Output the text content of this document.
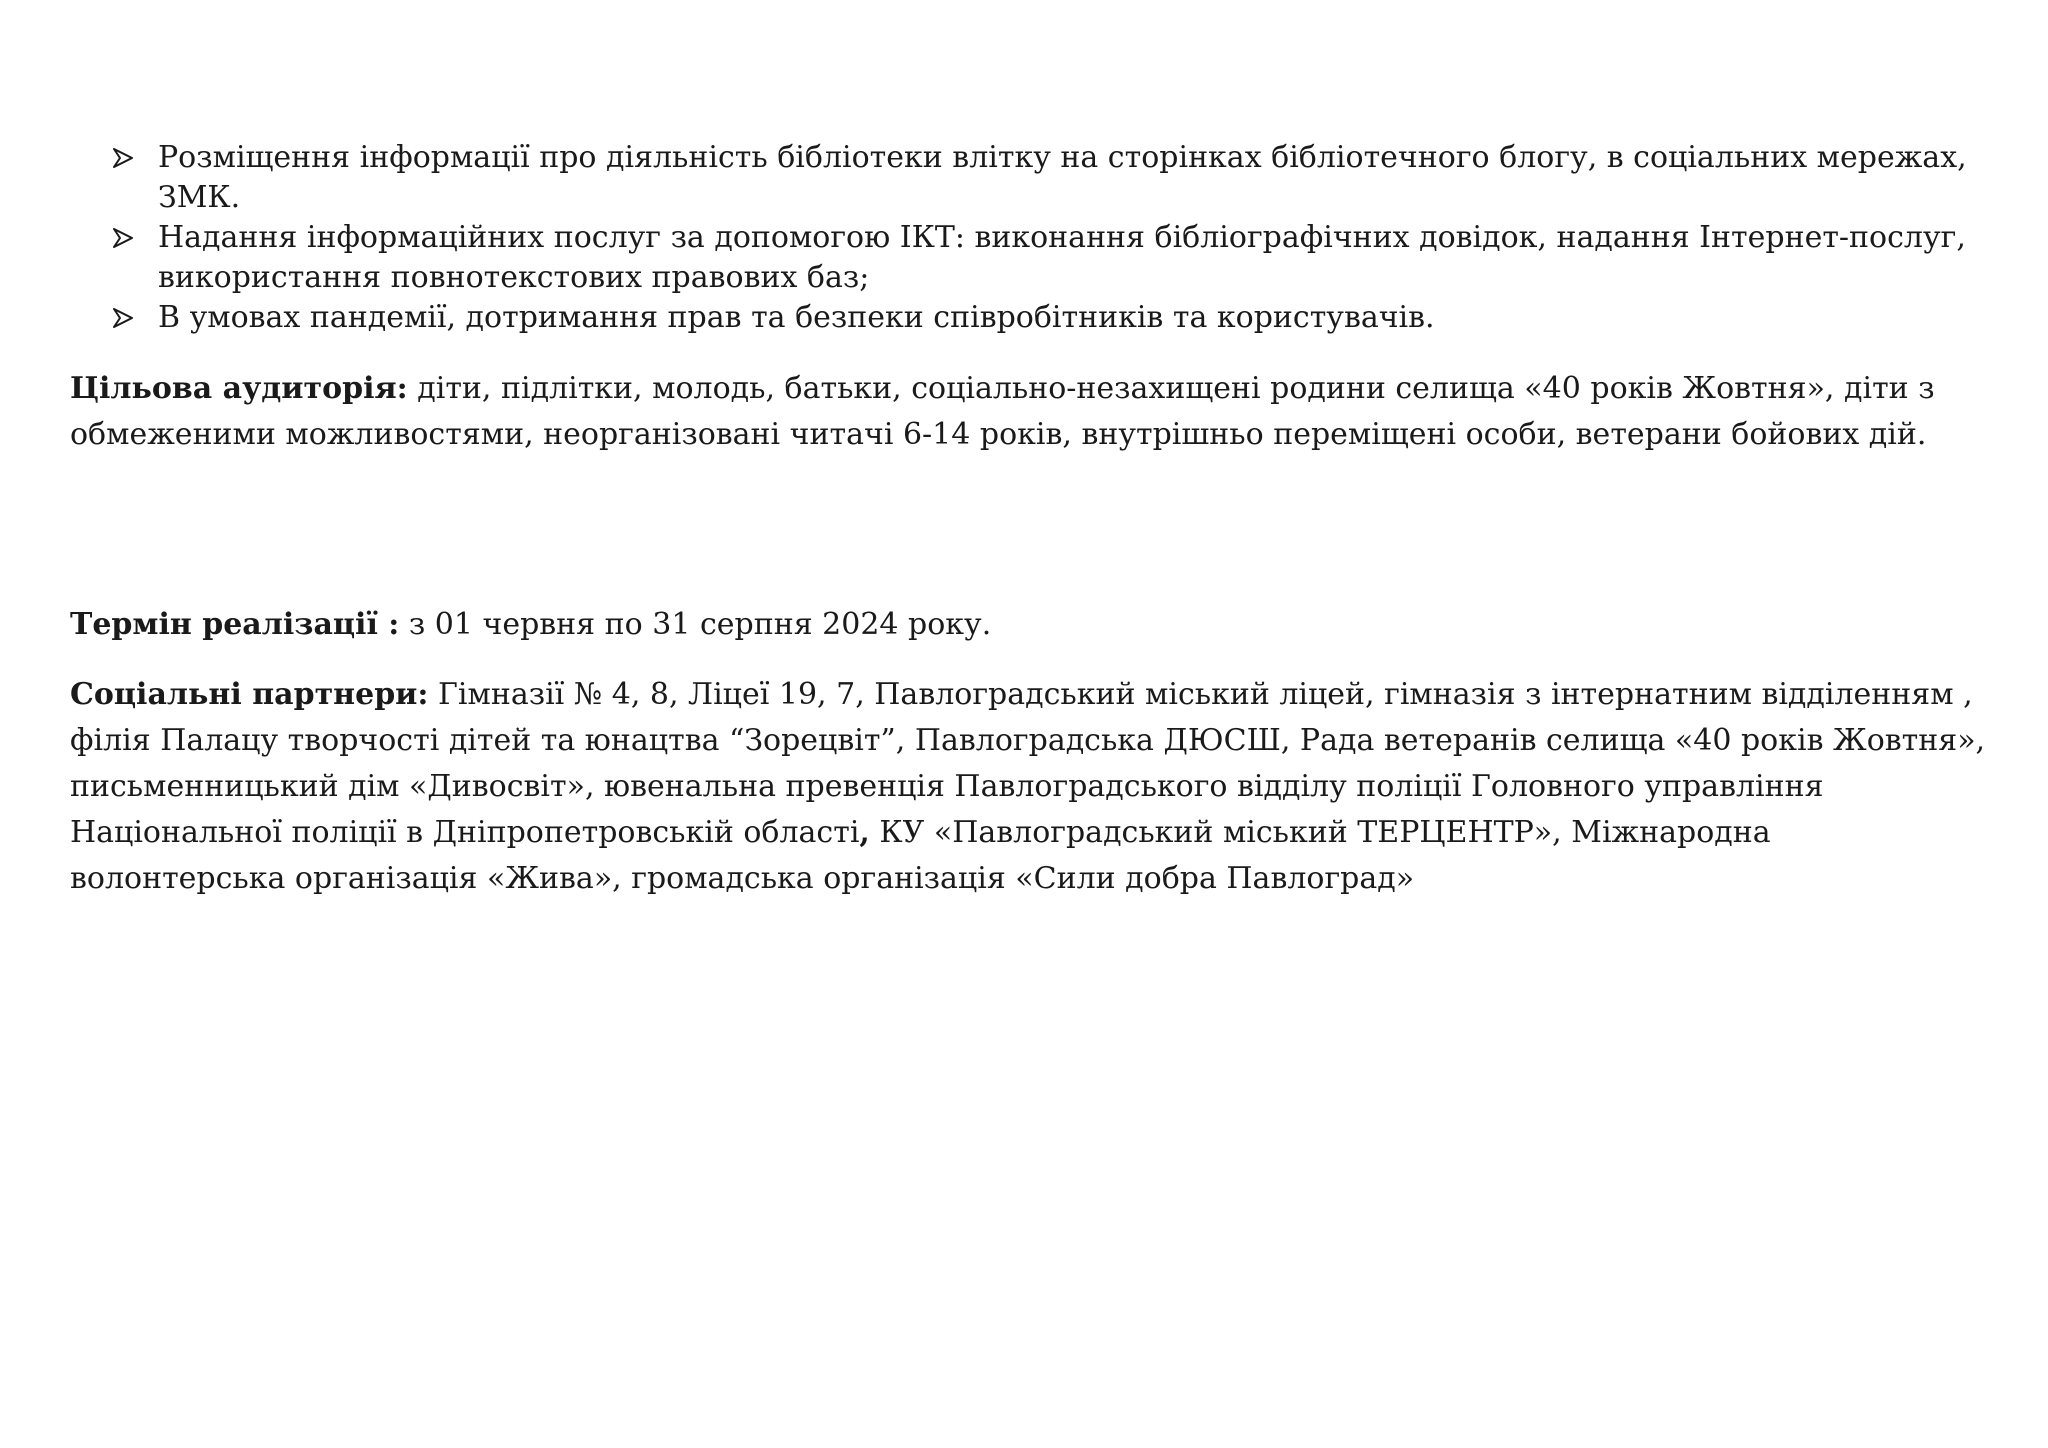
Розміщення інформації про діяльність бібліотеки влітку на сторінках бібліотечного блогу, в соціальних мережах, ЗМК.
Надання інформаційних послуг за допомогою ІКТ: виконання бібліографічних довідок, надання Інтернет-послуг, використання повнотекстових правових баз;
В умовах пандемії, дотримання прав та безпеки співробітників та користувачів.

Цільова аудиторія: діти, підлітки, молодь, батьки, соціально-незахищені родини селища «40 років Жовтня», діти з обмеженими можливостями, неорганізовані читачі 6-14 років, внутрішньо переміщені особи, ветерани бойових дій.

Термін реалізації : з 01 червня по 31 серпня 2024 року.

Соціальні партнери: Гімназії № 4, 8, Ліцеї 19, 7, Павлоградський міський ліцей, гімназія з інтернатним відділенням , філія Палацу творчості дітей та юнацтва “Зорецвіт”, Павлоградська ДЮСШ, Рада ветеранів селища «40 років Жовтня», письменницький дім «Дивосвіт», ювенальна превенція Павлоградського відділу поліції Головного управління Національної поліції в Дніпропетровській області, КУ «Павлоградський міський ТЕРЦЕНТР», Міжнародна волонтерська організація «Жива», громадська організація «Сили добра Павлоград»
